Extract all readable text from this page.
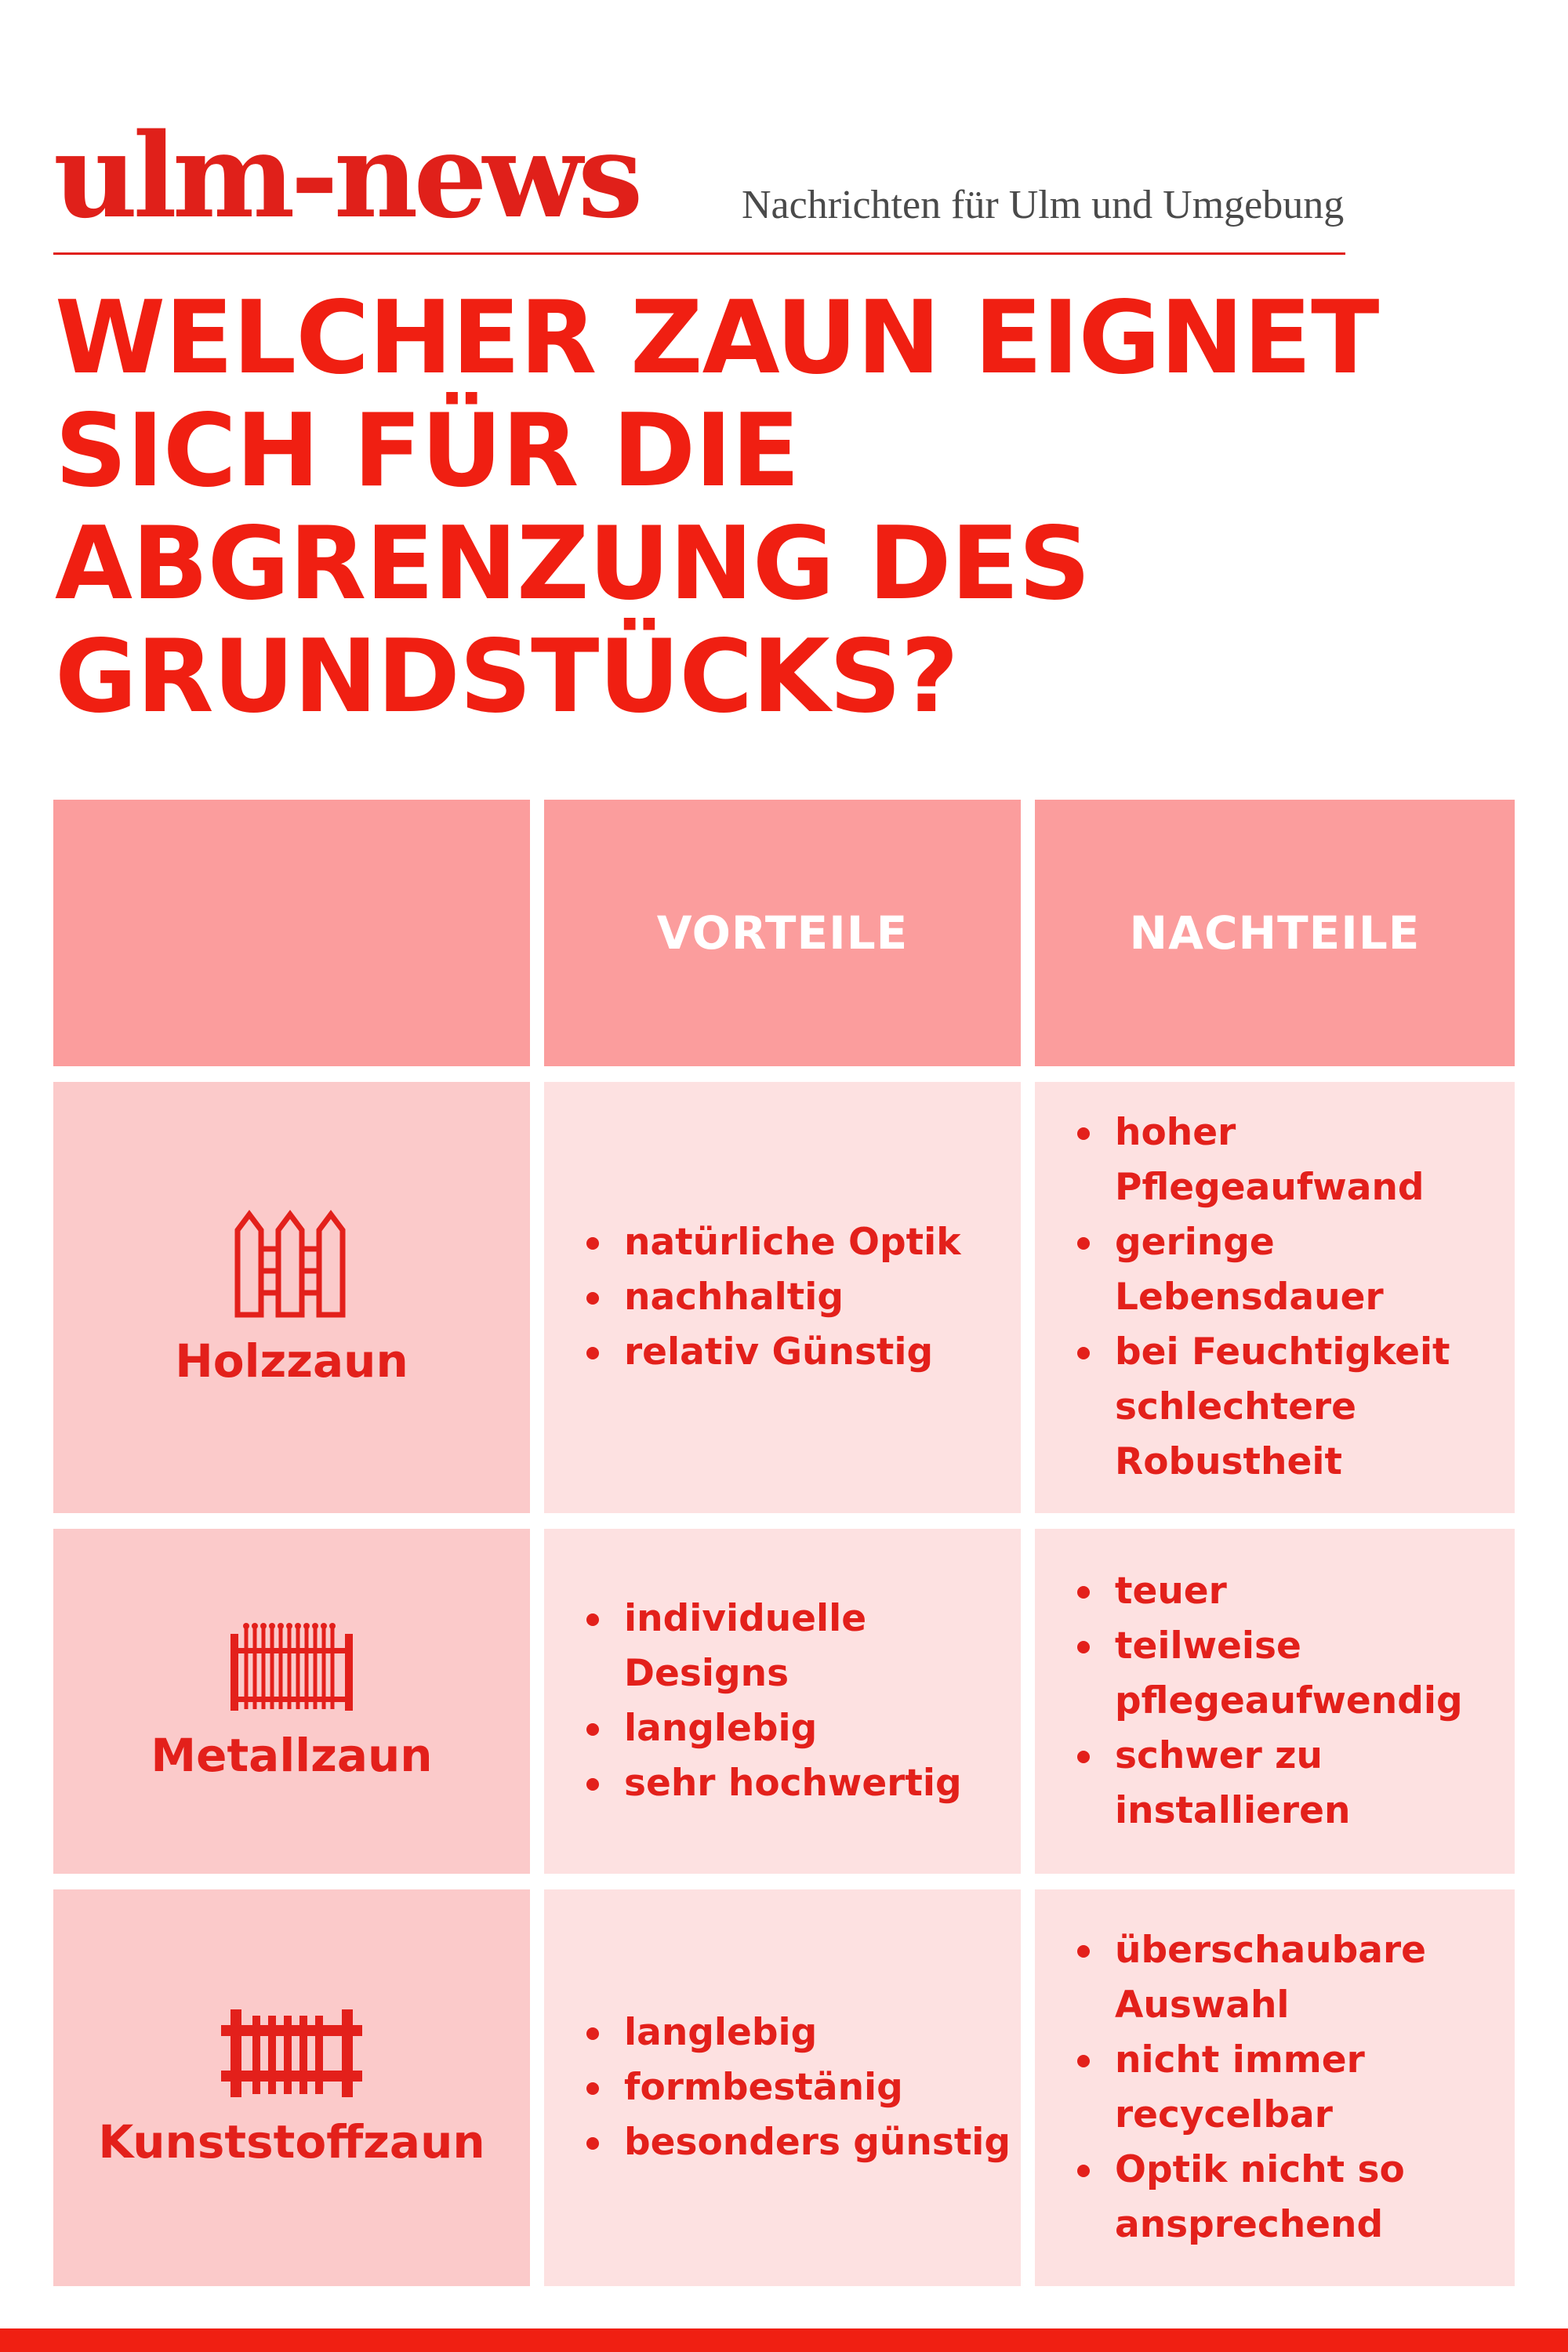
ulm-news	Nachrichten für Ulm und Umgebung
WELCHER ZAUN EIGNET SICH FÜR DIE ABGRENZUNG DES GRUNDSTÜCKS?
VORTEILE	NACHTEILE
Holzzaun
natürliche Optik
nachhaltig
relativ Günstig
hoher Pflegeaufwand
geringe Lebensdauer
bei Feuchtigkeit schlechtere Robustheit
Metallzaun
individuelle Designs
langlebig
sehr hochwertig
teuer
teilweise pflegeaufwendig
schwer zu installieren
Kunststoffzaun
langlebig
formbestänig
besonders günstig
überschaubare Auswahl
nicht immer recycelbar
Optik nicht so ansprechend
